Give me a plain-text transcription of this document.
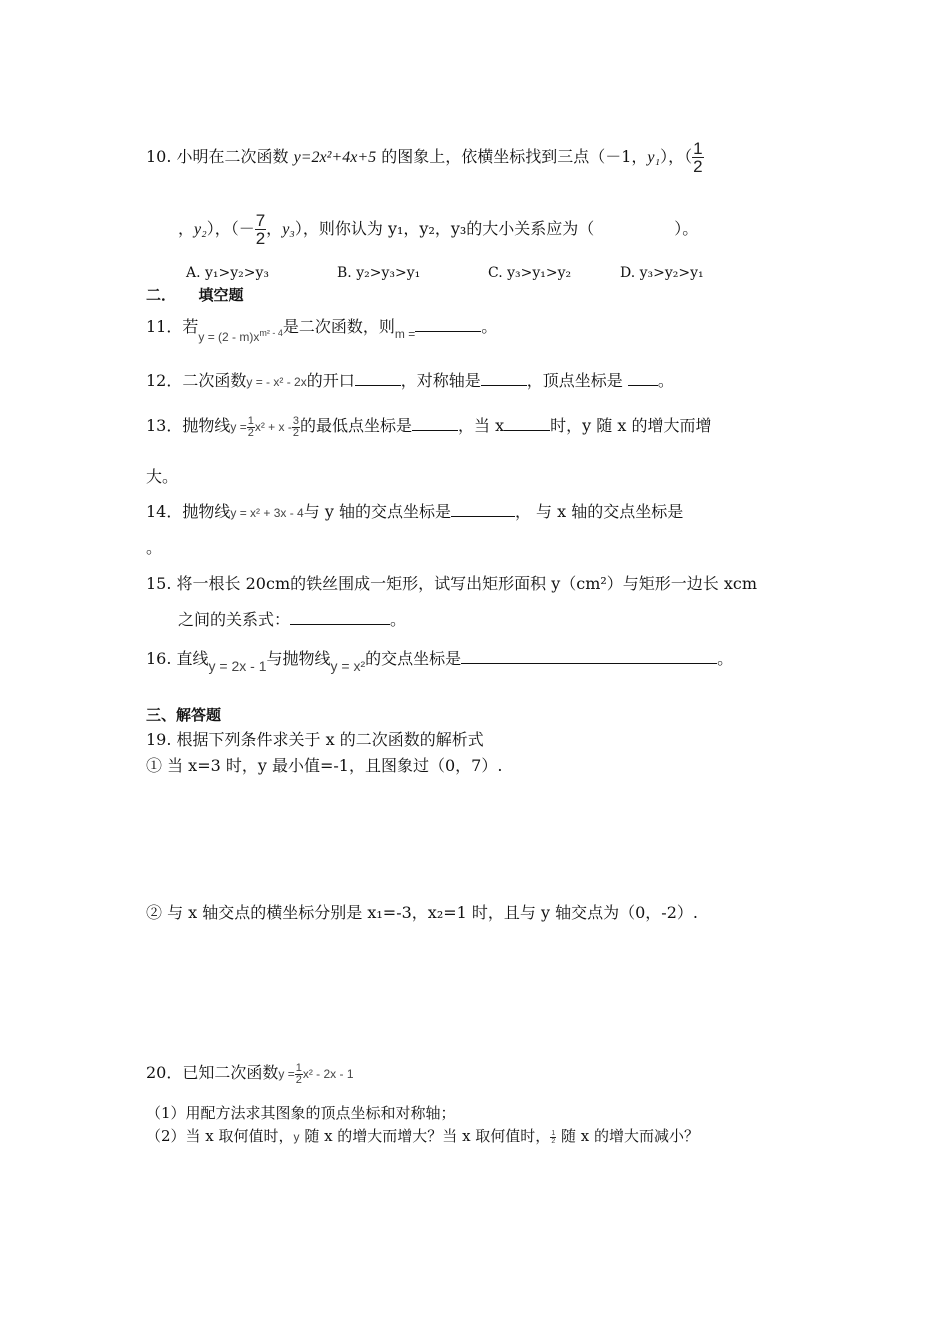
10. 小明在二次函数 y=2x²+4x+5 的图象上，依横坐标找到三点（－1，y₁），（ $\frac{1}{2}$
，y₂），（－ $\frac{7}{2}$ ，y₃），则你认为 y₁，y₂，y₃的大小关系应为（　　　　　）。
A. y₁>y₂>y₃	B. y₂>y₃>y₁	C. y₃>y₁>y₂	D. y₃>y₂>y₁
二．　　填空题
11．若$_{y = (2 - m)x^{m^2 - 4}}$是二次函数，则$_{m =}$	。
12．二次函数y = - x² - 2x的开口	，对称轴是	，顶点坐标是 。
13．抛物线$y = \frac{1}{2} x^2 + x - \frac{3}{2}$ 的最低点坐标是	，当 x	时，y 随 x 的增大而增
大。
14．抛物线y = x² + 3x - 4与 y 轴的交点坐标是	， 与 x 轴的交点坐标是
。
15. 将一根长 20cm的铁丝围成一矩形，试写出矩形面积 y（cm²）与矩形一边长 xcm
之间的关系式：	。
16. 直线y = 2x - 1与抛物线y = x²的交点坐标是	。
三、解答题
19. 根据下列条件求关于 x 的二次函数的解析式
① 当 x=3 时，y 最小值=-1，且图象过（0，7）.
② 与 x 轴交点的横坐标分别是 x₁=-3，x₂=1 时，且与 y 轴交点为（0，-2）.
20．已知二次函数$y = \frac{1}{2} x^2 - 2x - 1$
（1）用配方法求其图象的顶点坐标和对称轴；
（2）当 x 取何值时，y 随 x 的增大而增大？当 x 取何值时， $\frac{1}{2}$ 随 x 的增大而减小？
